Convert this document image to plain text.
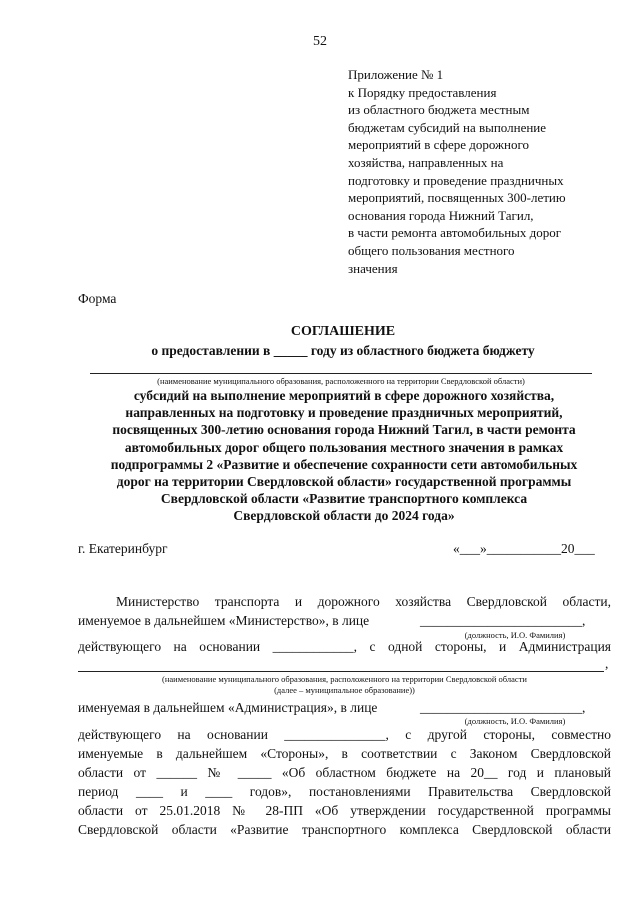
52
Приложение № 1
к Порядку предоставления
из областного бюджета местным
бюджетам субсидий на выполнение
мероприятий в сфере дорожного
хозяйства, направленных на
подготовку и проведение праздничных
мероприятий, посвященных 300-летию
основания города Нижний Тагил,
в части ремонта автомобильных дорог
общего пользования местного
значения
Форма
СОГЛАШЕНИЕ
о предоставлении в _____ году из областного бюджета бюджету
(наименование муниципального образования, расположенного на территории Свердловской области)
субсидий на выполнение мероприятий в сфере дорожного хозяйства,
направленных на подготовку и проведение праздничных мероприятий,
посвященных 300-летию основания города Нижний Тагил, в части ремонта
автомобильных дорог общего пользования местного значения в рамках
подпрограммы 2 «Развитие и обеспечение сохранности сети автомобильных
дорог на территории Свердловской области» государственной программы
Свердловской области «Развитие транспортного комплекса
Свердловской области до 2024 года»
г. Екатеринбург	«___»___________20___
Министерство транспорта и дорожного хозяйства Свердловской области,
именуемое в дальнейшем «Министерство», в лице	________________________,
(должность, И.О. Фамилия)
действующего на основании ____________, с одной стороны, и Администрация
,
(наименование муниципального образования, расположенного на территории Свердловской области
(далее – муниципальное образование))
именуемая в дальнейшем «Администрация», в лице	________________________,
(должность, И.О. Фамилия)
действующего на основании _______________, с другой стороны, совместно
именуемые в дальнейшем «Стороны», в соответствии с Законом Свердловской
области от ______ № _____ «Об областном бюджете на 20__ год и плановый
период ____ и ____ годов», постановлениями Правительства Свердловской
области от 25.01.2018 № 28-ПП «Об утверждении государственной программы
Свердловской области «Развитие транспортного комплекса Свердловской области
